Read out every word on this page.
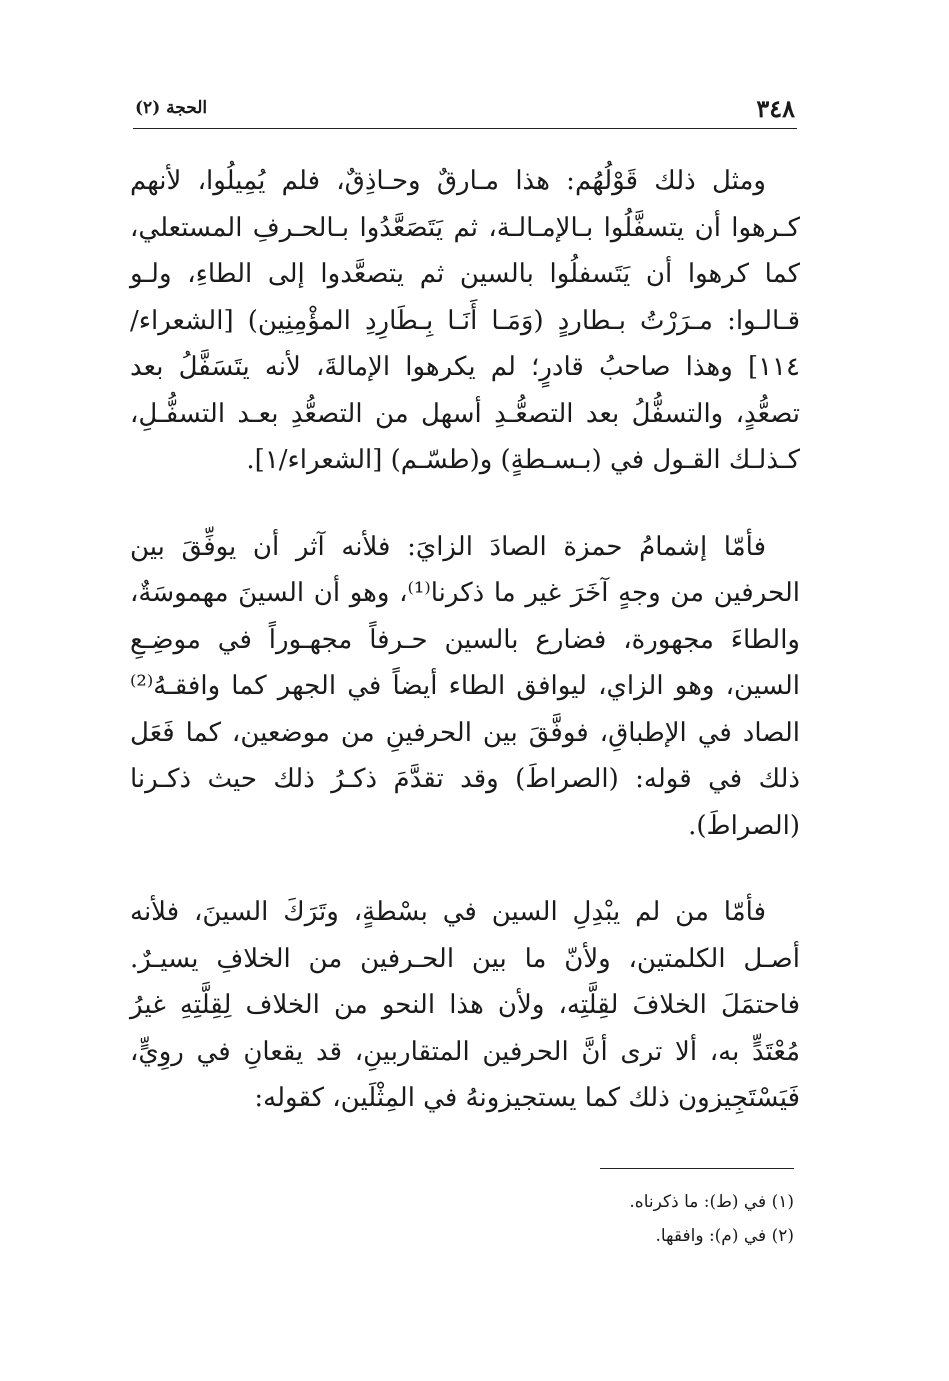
٣٤٨
الحجة (٢)

ومثل ذلك قَوْلُهُم: هذا مـارقٌ وحـاذِقٌ، فلم يُمِيلُوا، لأنهم كـرهوا أن يتسفَّلُوا بـالإمـالـة، ثم يَتَصَعَّدُوا بـالحـرفِ المستعلي، كما كرهوا أن يَتَسفلُوا بالسين ثم يتصعَّدوا إلى الطاءِ، ولـو قـالـوا: مـرَرْتُ بـطاردٍ (وَمَـا أَنَـا بِـطَارِدِ المؤْمِنِين) [الشعراء/١١٤] وهذا صاحبُ قادرٍ؛ لم يكرهوا الإمالةَ، لأنه يتَسَفَّلُ بعد تصعُّدٍ، والتسفُّلُ بعد التصعُّـدِ أسهل من التصعُّدِ بعـد التسفُّـلِ، كـذلـك القـول في (بـسـطةٍ) و(طسّـم) [الشعراء/١].

فأمّا إشمامُ حمزة الصادَ الزايَ: فلأنه آثر أن يوفِّقَ بين الحرفين من وجهٍ آخَرَ غير ما ذكرنا⁽¹⁾، وهو أن السينَ مهموسَةٌ، والطاءَ مجهورة، فضارع بالسين حـرفاً مجهـوراً في موضِـعِ السين، وهو الزاي، ليوافق الطاء أيضاً في الجهر كما وافقـهُ⁽²⁾ الصاد في الإطباقِ، فوفَّقَ بين الحرفينِ من موضعين، كما فَعَل ذلك في قوله: (الصراطَ) وقد تقدَّمَ ذكـرُ ذلك حيث ذكـرنا (الصراطَ).

فأمّا من لم يبْدِلِ السين في بسْطةٍ، وتَرَكَ السينَ، فلأنه أصـل الكلمتين، ولأنّ ما بين الحـرفين من الخلافِ يسيـرٌ. فاحتمَلَ الخلافَ لقِلَّتِه، ولأن هذا النحو من الخلاف لِقِلَّتِهِ غيرُ مُعْتَدٍّ به، ألا ترى أنَّ الحرفين المتقاربينِ، قد يقعانِ في روِيٍّ، فَيَسْتَجِيزون ذلك كما يستجيزونهُ في المِثْلَين، كقوله:

(١) في (ط): ما ذكرناه.

(٢) في (م): وافقها.
